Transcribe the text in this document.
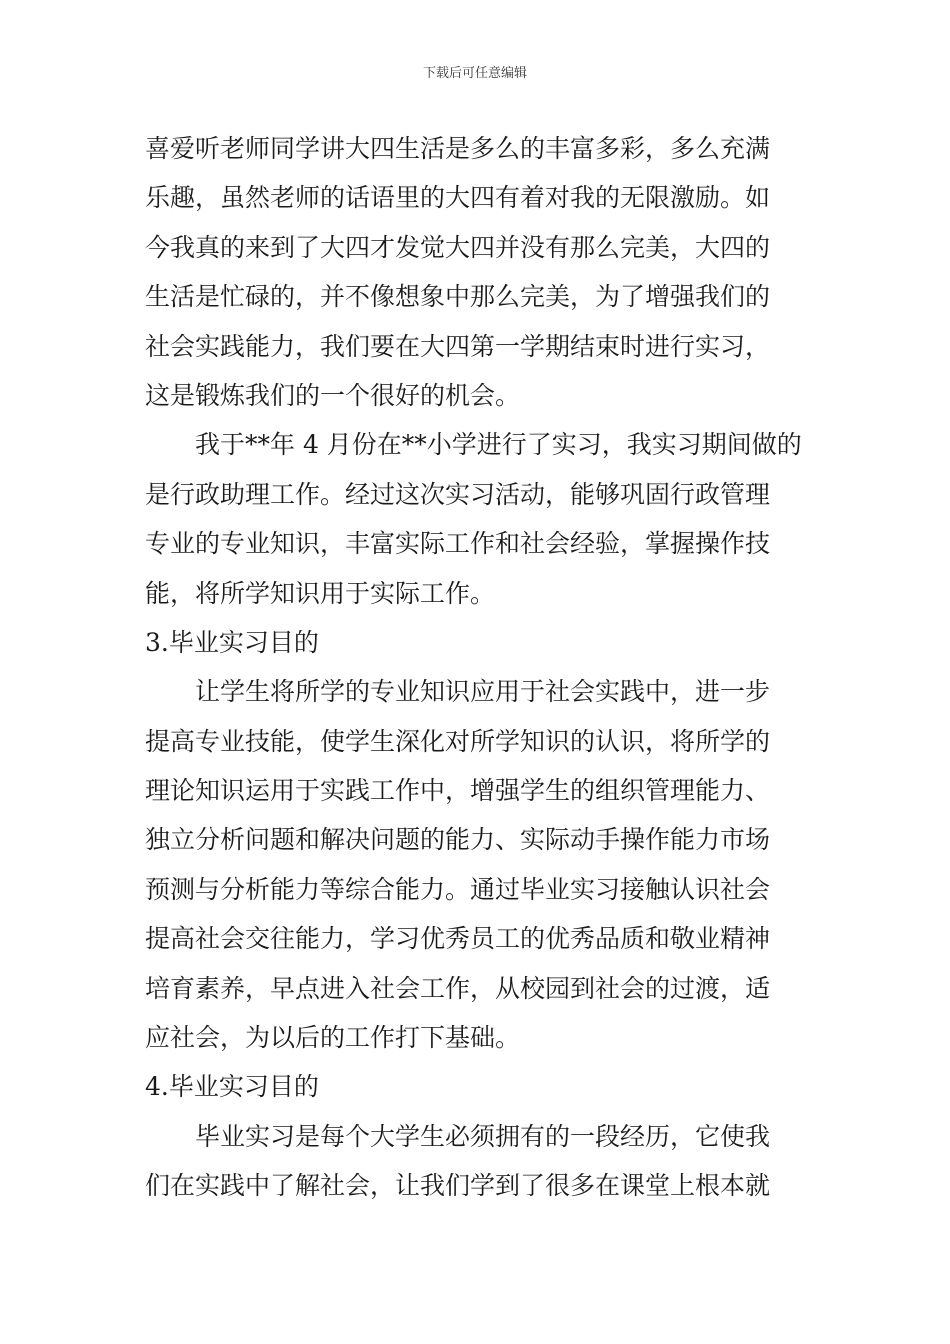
下载后可任意编辑
喜爱听老师同学讲大四生活是多么的丰富多彩，多么充满
乐趣，虽然老师的话语里的大四有着对我的无限激励。如
今我真的来到了大四才发觉大四并没有那么完美，大四的
生活是忙碌的，并不像想象中那么完美，为了增强我们的
社会实践能力，我们要在大四第一学期结束时进行实习，
这是锻炼我们的一个很好的机会。
我于**年 4 月份在**小学进行了实习，我实习期间做的
是行政助理工作。经过这次实习活动，能够巩固行政管理
专业的专业知识，丰富实际工作和社会经验，掌握操作技
能，将所学知识用于实际工作。
3.毕业实习目的
让学生将所学的专业知识应用于社会实践中，进一步
提高专业技能，使学生深化对所学知识的认识，将所学的
理论知识运用于实践工作中，增强学生的组织管理能力、
独立分析问题和解决问题的能力、实际动手操作能力市场
预测与分析能力等综合能力。通过毕业实习接触认识社会
提高社会交往能力，学习优秀员工的优秀品质和敬业精神
培育素养，早点进入社会工作，从校园到社会的过渡，适
应社会，为以后的工作打下基础。
4.毕业实习目的
毕业实习是每个大学生必须拥有的一段经历，它使我
们在实践中了解社会，让我们学到了很多在课堂上根本就
